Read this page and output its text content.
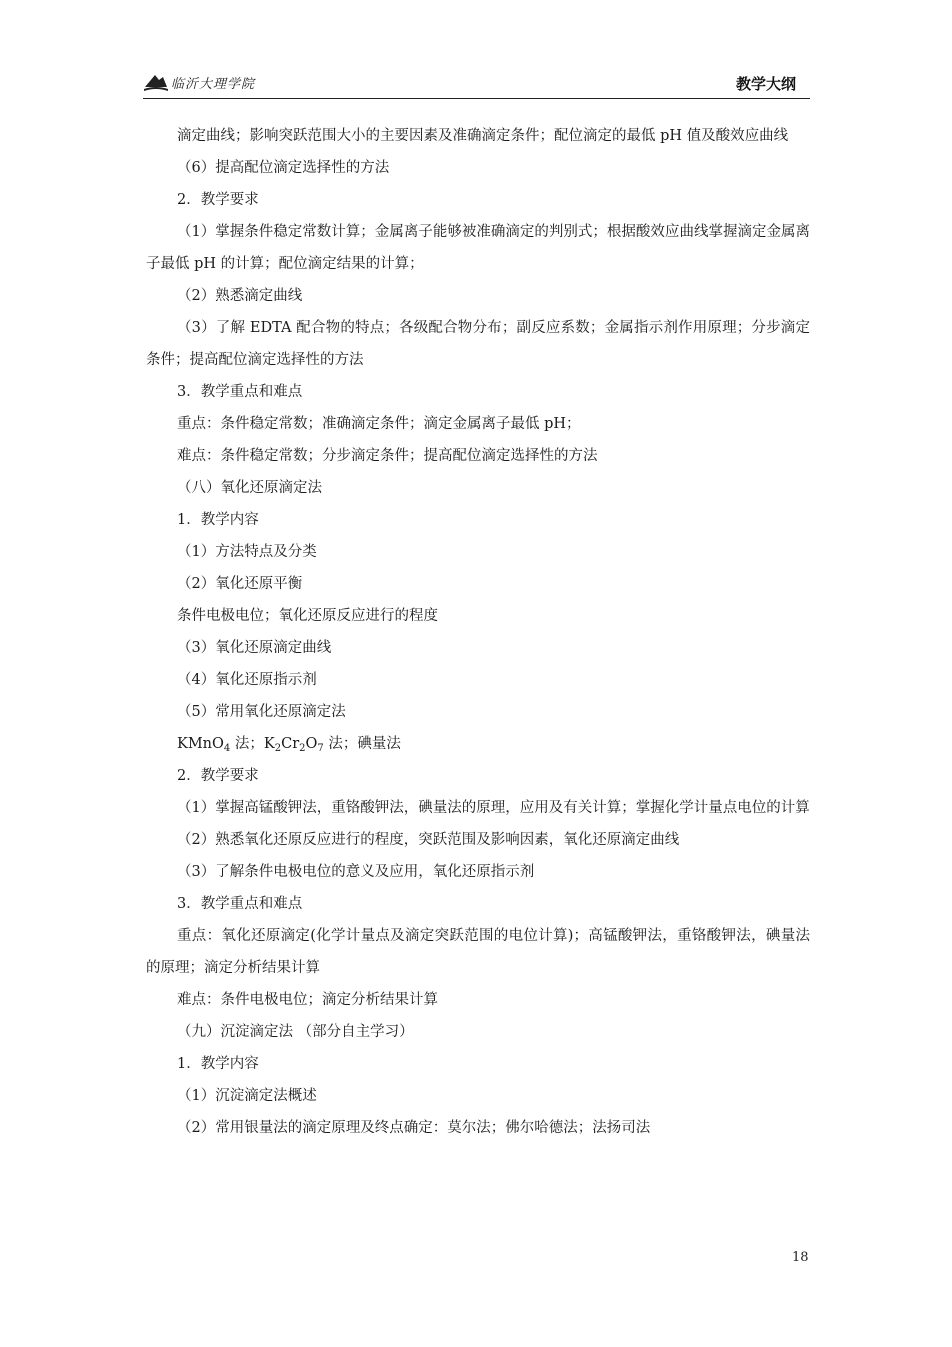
临沂大理学院	教学大纲
滴定曲线；影响突跃范围大小的主要因素及准确滴定条件；配位滴定的最低 pH 值及酸效应曲线
（6）提高配位滴定选择性的方法
2．教学要求
（1）掌握条件稳定常数计算；金属离子能够被准确滴定的判别式；根据酸效应曲线掌握滴定金属离子最低 pH 的计算；配位滴定结果的计算；
（2）熟悉滴定曲线
（3）了解 EDTA 配合物的特点；各级配合物分布；副反应系数；金属指示剂作用原理；分步滴定条件；提高配位滴定选择性的方法
3．教学重点和难点
重点：条件稳定常数；准确滴定条件；滴定金属离子最低 pH；
难点：条件稳定常数；分步滴定条件；提高配位滴定选择性的方法
（八）氧化还原滴定法
1．教学内容
（1）方法特点及分类
（2）氧化还原平衡
条件电极电位；氧化还原反应进行的程度
（3）氧化还原滴定曲线
（4）氧化还原指示剂
（5）常用氧化还原滴定法
KMnO$_4$ 法；$K_2Cr_2O_7$ 法；碘量法
2．教学要求
（1）掌握高锰酸钾法，重铬酸钾法，碘量法的原理，应用及有关计算；掌握化学计量点电位的计算
（2）熟悉氧化还原反应进行的程度，突跃范围及影响因素，氧化还原滴定曲线
（3）了解条件电极电位的意义及应用，氧化还原指示剂
3．教学重点和难点
重点：氧化还原滴定(化学计量点及滴定突跃范围的电位计算)；高锰酸钾法，重铬酸钾法，碘量法的原理；滴定分析结果计算
难点：条件电极电位；滴定分析结果计算
（九）沉淀滴定法 （部分自主学习）
1．教学内容
（1）沉淀滴定法概述
（2）常用银量法的滴定原理及终点确定：莫尔法；佛尔哈德法；法扬司法
18
